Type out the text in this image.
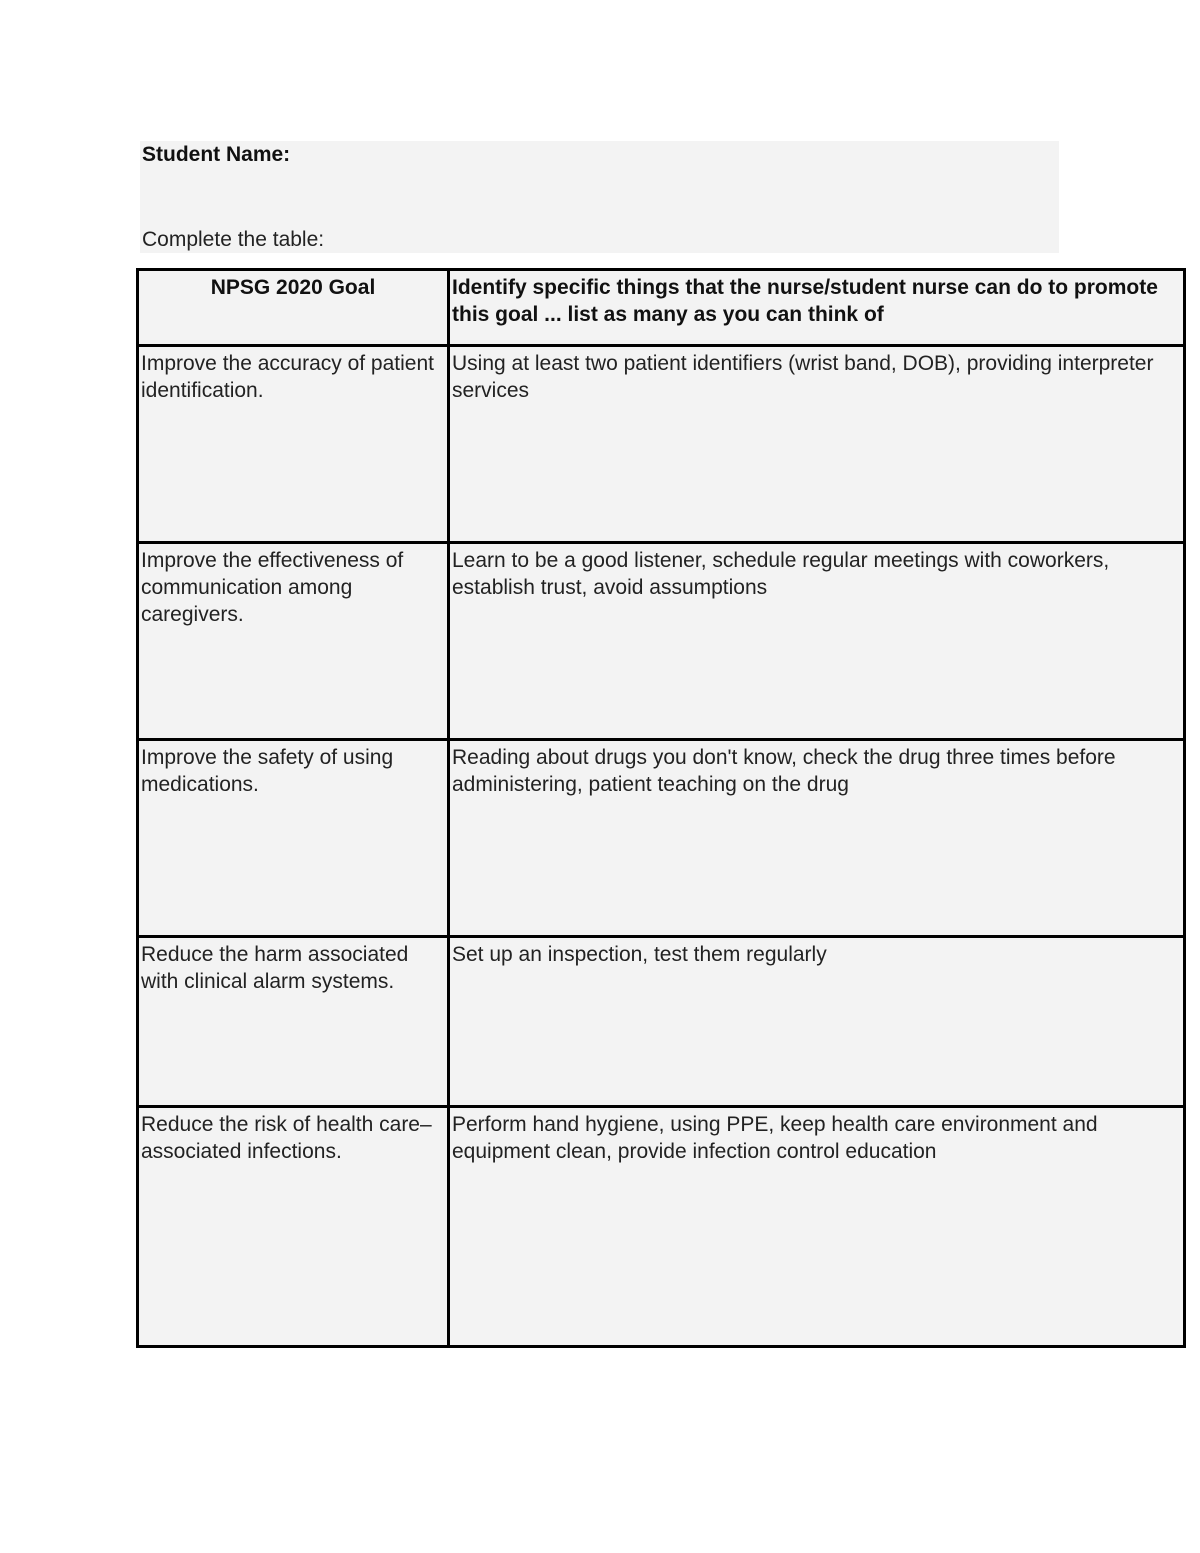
Student Name:
Complete the table:
NPSG 2020 Goal	Identify specific things that the nurse/student nurse can do to promote this goal ... list as many as you can think of
Improve the accuracy of patient identification.	Using at least two patient identifiers (wrist band, DOB), providing interpreter services
Improve the effectiveness of communication among caregivers.	Learn to be a good listener, schedule regular meetings with coworkers, establish trust, avoid assumptions
Improve the safety of using medications.	Reading about drugs you don't know, check the drug three times before administering, patient teaching on the drug
Reduce the harm associated with clinical alarm systems.	Set up an inspection, test them regularly
Reduce the risk of health care–associated infections.	Perform hand hygiene, using PPE, keep health care environment and equipment clean, provide infection control education
